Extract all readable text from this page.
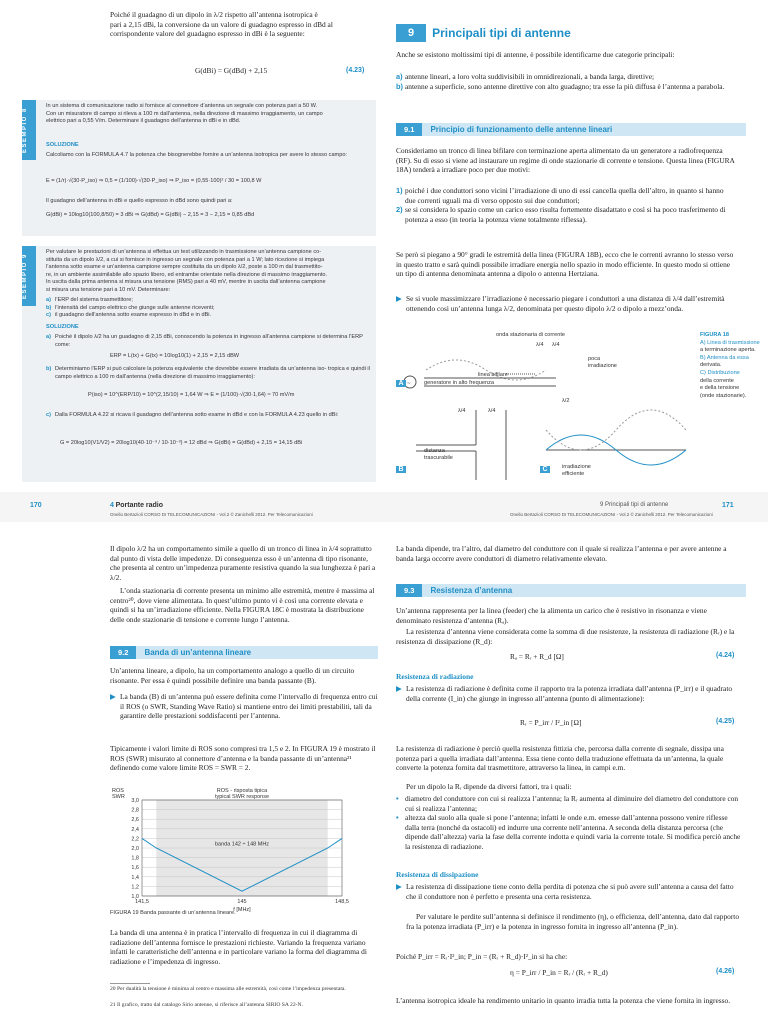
Poiché il guadagno di un dipolo in λ/2 rispetto all’antenna isotropica è
pari a 2,15 dBi, la conversione da un valore di guadagno espresso in dBd al
corrispondente valore del guadagno espresso in dBi è la seguente:
G(dBi) = G(dBd) + 2,15	(4.23)
ESEMPIO 8
In un sistema di comunicazione radio si fornisce al connettore d’antenna un segnale con potenza pari a 50 W.
Con un misuratore di campo si rileva a 100 m dall’antenna, nella direzione di massimo irraggiamento, un campo
elettrico pari a 0,55 V/m. Determinare il guadagno dell’antenna in dBi e in dBd.
SOLUZIONE
Calcoliamo con la FORMULA 4.7 la potenza che bisognerebbe fornire a un’antenna isotropica per avere lo stesso campo:
E = (1/r)·√(30·P_iso) ⇒ 0,5 = (1/100)·√(30·P_iso) ⇒ P_iso = (0,55·100)² / 30 = 100,8 W
Il guadagno dell’antenna in dBi e quello espresso in dBd sono quindi pari a:
G(dBi) = 10log10(100,8/50) = 3 dBi ⇒ G(dBd) = G(dBi) − 2,15 = 3 − 2,15 = 0,85 dBd
ESEMPIO 9
Per valutare le prestazioni di un’antenna si effettua un test utilizzando in trasmissione un’antenna campione co-
stituita da un dipolo λ/2, a cui si fornisce in ingresso un segnale con potenza pari a 1 W; lato ricezione si impiega
l’antenna sotto esame e un’antenna campione sempre costituita da un dipolo λ/2, poste a 100 m dal trasmettito-
re, in un ambiente assimilabile allo spazio libero, ed entrambe orientate nella direzione di massimo irraggiamento.
In uscita dalla prima antenna si misura una tensione (RMS) pari a 40 mV, mentre in uscita dall’antenna campione
si misura una tensione pari a 10 mV. Determinare:
a) l’ERP del sistema trasmettitore;
b) l’intensità del campo elettrico che giunge sulle antenne riceventi;
c) il guadagno dell’antenna sotto esame espresso in dBd e in dBi.
SOLUZIONE
a) Poiché il dipolo λ/2 ha un guadagno di 2,15 dBi, conoscendo la potenza in ingresso all’antenna campione si determina l’ERP come:
ERP = L(tx) + G(tx) = 10log10(1) + 2,15 = 2,15 dBW
b) Determiniamo l’ERP si può calcolare la potenza equivalente che dovrebbe essere irradiata da un’antenna iso- tropica e quindi il campo elettrico a 100 m dall’antenna (nella direzione di massimo irraggiamento):
P(iso) = 10^(ERP/10) = 10^(2,15/10) = 1,64 W ⇒ E = (1/100)·√(30·1,64) ≈ 70 mV/m
c) Dalla FORMULA 4.22 si ricava il guadagno dell’antenna sotto esame in dBd e con la FORMULA 4.23 quello in dBi:
G = 20log10(V1/V2) = 20log10(40·10⁻³ / 10·10⁻³) = 12 dBd ⇒ G(dBi) = G(dBd) + 2,15 = 14,15 dBi
9	Principali tipi di antenne
Anche se esistono moltissimi tipi di antenne, è possibile identificarne due categorie principali:
a) antenne lineari, a loro volta suddivisibili in omnidirezionali, a banda larga, direttive;
b) antenne a superficie, sono antenne direttive con alto guadagno; tra esse la più diffusa è l’antenna a parabola.
9.1	Principio di funzionamento delle antenne lineari
Consideriamo un tronco di linea bifilare con terminazione aperta alimentato da un generatore a radiofrequenza (RF). Su di esso si viene ad instaurare un regime di onde stazionarie di corrente e tensione. Questa linea (FIGURA 18A) tenderà a irradiare poco per due motivi:
1) poiché i due conduttori sono vicini l’irradiazione di uno di essi cancella quella dell’altro, in quanto si hanno due correnti uguali ma di verso opposto sui due conduttori;
2) se si considera lo spazio come un carico esso risulta fortemente disadattato e così si ha poco trasferimento di potenza a esso (in teoria la potenza viene totalmente riflessa).
Se però si piegano a 90° gradi le estremità della linea (FIGURA 18B), ecco che le correnti avranno lo stesso verso in questo tratto e sarà quindi possibile irradiare energia nello spazio in modo efficiente. In questo modo si ottiene un tipo di antenna denominata antenna a dipolo o antenna Hertziana.
▶ Se si vuole massimizzare l’irradiazione è necessario piegare i conduttori a una distanza di λ/4 dall’estremità ottenendo così un’antenna lunga λ/2, denominata per questo dipolo λ/2 o dipolo a mezz’onda.
~
onda stazionaria di corrente
λ/4 λ/4
poca
irradiazione
linea bifilare
generatore in alto frequenza
λ/2
λ/4	λ/4
distanza
trascurabile
irradiazione
efficiente
A
B	C
FIGURA 18
A) Linea di trasmissione
a terminazione aperta.
B) Antenna da essa
derivata.
C) Distribuzione
della corrente
e della tensione
(onde stazionarie).
170	4 Portante radio	9 Principali tipi di antenne	171
Onelio Bertazioli CORSO DI TELECOMUNICAZIONI - Vol.2 © Zanichelli 2012. Per Telecomunicazioni	Onelio Bertazioli CORSO DI TELECOMUNICAZIONI - Vol.2 © Zanichelli 2012. Per Telecomunicazioni
Il dipolo λ/2 ha un comportamento simile a quello di un tronco di linea in λ/4 soprattutto dal punto di vista delle impedenze. Di conseguenza esso è un’antenna di tipo risonante, che presenta al centro un’impedenza puramente resistiva quando la sua lunghezza è pari a λ/2.
L’onda stazionaria di corrente presenta un minimo alle estremità, mentre è massima al centro²⁰, dove viene alimentata. In quest’ultimo punto vi è così una corrente elevata e quindi si ha un’irradiazione efficiente. Nella FIGURA 18C è mostrata la distribuzione delle onde stazionarie di tensione e corrente lungo l’antenna.
9.2	Banda di un’antenna lineare
Un’antenna lineare, a dipolo, ha un comportamento analogo a quello di un circuito risonante. Per essa è quindi possibile definire una banda passante (B).
▶ La banda (B) di un’antenna può essere definita come l’intervallo di frequenza entro cui il ROS (o SWR, Standing Wave Ratio) si mantiene entro dei limiti prestabiliti, tali da garantire delle prestazioni soddisfacenti per l’antenna.
Tipicamente i valori limite di ROS sono compresi tra 1,5 e 2. In FIGURA 19 è mostrato il ROS (SWR) misurato al connettore d’antenna e la banda passante di un’antenna²¹ definendo come valore limite ROS = SWR = 2.
1,0
1,2
1,4
1,6
1,8
2,0
2,2
2,4
2,6
2,8
3,0
141,5	145	148,5
ROS
SWR
ROS - risposta tipica
typical SWR response
banda 142 ÷ 148 MHz
f [MHz]
FIGURA 19 Banda passante di un’antenna lineare.
La banda di una antenna è in pratica l’intervallo di frequenza in cui il diagramma di radiazione dell’antenna fornisce le prestazioni richieste. Variando la frequenza variano infatti le caratteristiche dell’antenna e in particolare variano la forma del diagramma di radiazione e l’impedenza di ingresso.
20 Per dualità la tensione è minima al centro e massima alle estremità, così come l’impedenza presentata.
21 Il grafico, tratto dal catalogo Sirio antenne, si riferisce all’antenna SIRIO SA 22-N.
La banda dipende, tra l’altro, dal diametro del conduttore con il quale si realizza l’antenna e per avere antenne a banda larga occorre avere conduttori di diametro relativamente elevato.
9.3	Resistenza d’antenna
Un’antenna rappresenta per la linea (feeder) che la alimenta un carico che è resistivo in risonanza e viene denominato resistenza d’antenna (Rₐ).
La resistenza d’antenna viene considerata come la somma di due resistenze, la resistenza di radiazione (Rᵣ) e la resistenza di dissipazione (R_d):
Rₐ = Rᵣ + R_d [Ω]	(4.24)
Resistenza di radiazione
▶ La resistenza di radiazione è definita come il rapporto tra la potenza irradiata dall’antenna (P_irr) e il quadrato della corrente (I_in) che giunge in ingresso all’antenna (punto di alimentazione):
Rᵣ = P_irr / I²_in [Ω]	(4.25)
La resistenza di radiazione è perciò quella resistenza fittizia che, percorsa dalla corrente di segnale, dissipa una potenza pari a quella irradiata dall’antenna. Essa tiene conto della traduzione effettuata da un’antenna, la quale converte la potenza fornita dal trasmettitore, attraverso la linea, in campi e.m.
Per un dipolo la Rᵣ dipende da diversi fattori, tra i quali:
• diametro del conduttore con cui si realizza l’antenna; la Rᵣ aumenta al diminuire del diametro del conduttore con cui si realizza l’antenna;
• altezza dal suolo alla quale si pone l’antenna; infatti le onde e.m. emesse dall’antenna possono venire riflesse dalla terra (nonché da ostacoli) ed indurre una corrente nell’antenna. A seconda della distanza percorsa (che dipende dall’altezza) varia la fase della corrente indotta e quindi varia la corrente totale. Si modifica perciò anche la resistenza di radiazione.
Resistenza di dissipazione
▶ La resistenza di dissipazione tiene conto della perdita di potenza che si può avere sull’antenna a causa del fatto che il conduttore non è perfetto e presenta una certa resistenza.
Per valutare le perdite sull’antenna si definisce il rendimento (η), o efficienza, dell’antenna, dato dal rapporto fra la potenza irradiata (P_irr) e la potenza in ingresso fornita in ingresso all’antenna (P_in).
Poiché P_irr = Rᵣ·I²_in; P_in = (Rᵣ + R_d)·I²_in si ha che:
η = P_irr / P_in = Rᵣ / (Rᵣ + R_d)	(4.26)
L’antenna isotropica ideale ha rendimento unitario in quanto irradia tutta la potenza che viene fornita in ingresso.
